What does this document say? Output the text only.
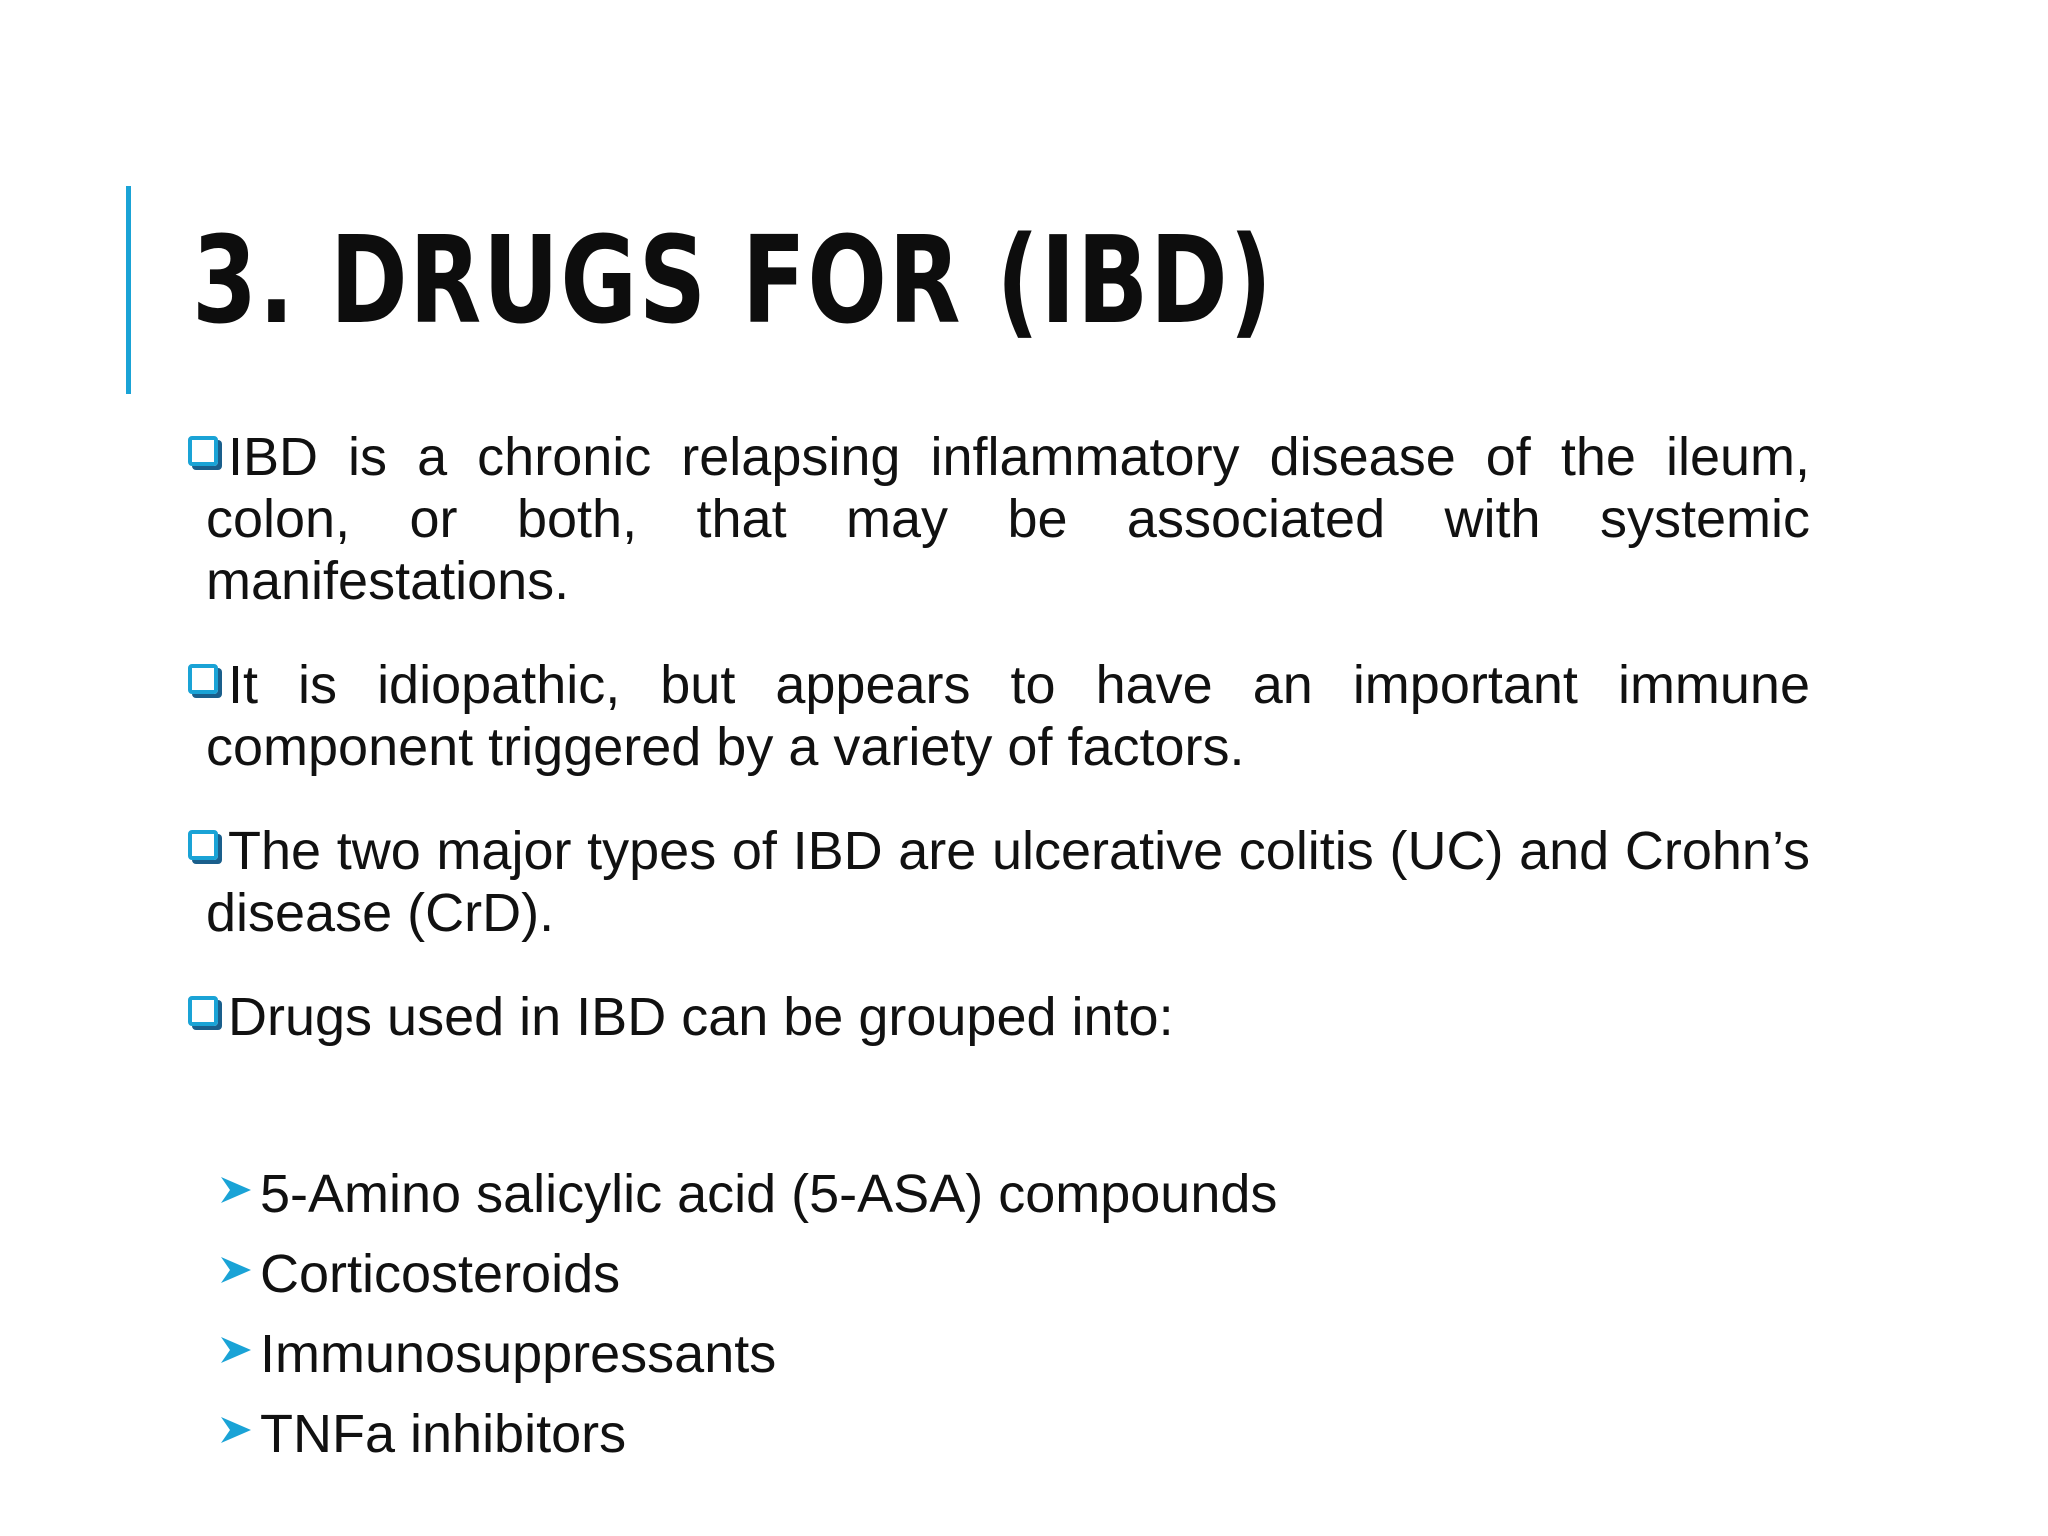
3. DRUGS FOR (IBD)
IBD is a chronic relapsing inflammatory disease of the ileum, colon, or both, that may be associated with systemic manifestations.
It is idiopathic, but appears to have an important immune component triggered by a variety of factors.
The two major types of IBD are ulcerative colitis (UC) and Crohn’s disease (CrD).
Drugs used in IBD can be grouped into:
5-Amino salicylic acid (5-ASA) compounds
Corticosteroids
Immunosuppressants
TNFa inhibitors
